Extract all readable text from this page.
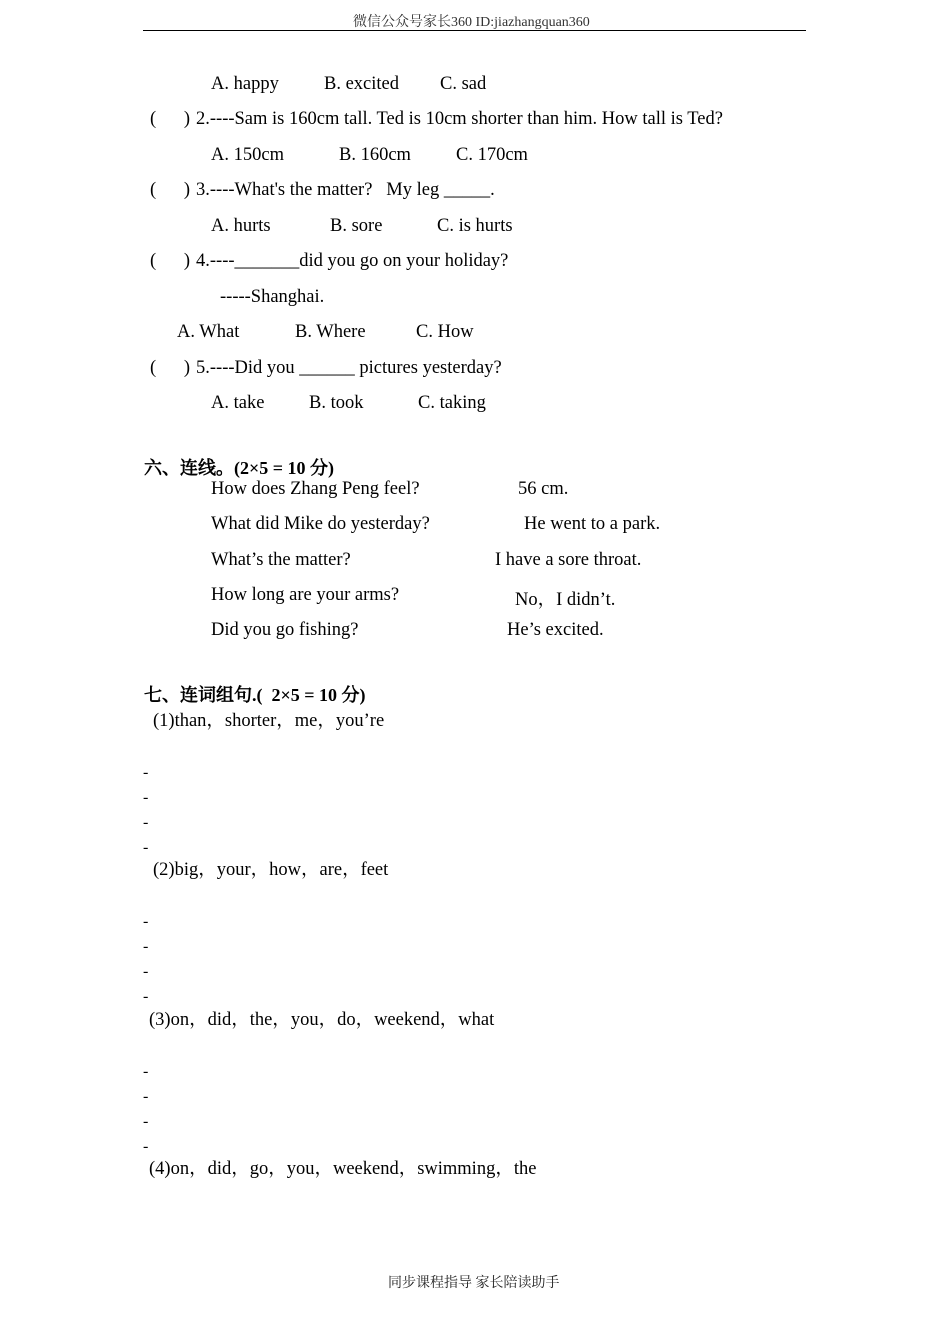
微信公众号家长360 ID:jiazhangquan360
A. happy B. excited C. sad
(      ) 2.----Sam is 160cm tall. Ted is 10cm shorter than him. How tall is Ted?
A. 150cm	B. 160cm C. 170cm
(      ) 3.----What's the matter?   My leg _____.
A. hurts	B. sore	C. is hurts
(      ) 4.----_______did you go on your holiday?
-----Shanghai.
A. What	B. Where	C. How
(      ) 5.----Did you ______ pictures yesterday?
A. take B. took	C. taking
六、连线。(2×5 = 10 分)
How does Zhang Peng feel?	56 cm.
What did Mike do yesterday?	He went to a park.
What’s the matter?	I have a sore throat.
How long are your arms?	No，I didn’t.
Did you go fishing?	He’s excited.
七、连词组句.(  2×5 = 10 分)
(1)than，shorter，me，you’re
-
-
-
-
(2)big，your，how，are，feet
-
-
-
-
(3)on，did，the，you，do，weekend，what
-
-
-
-
(4)on，did，go，you，weekend，swimming，the
同步课程指导 家长陪读助手
